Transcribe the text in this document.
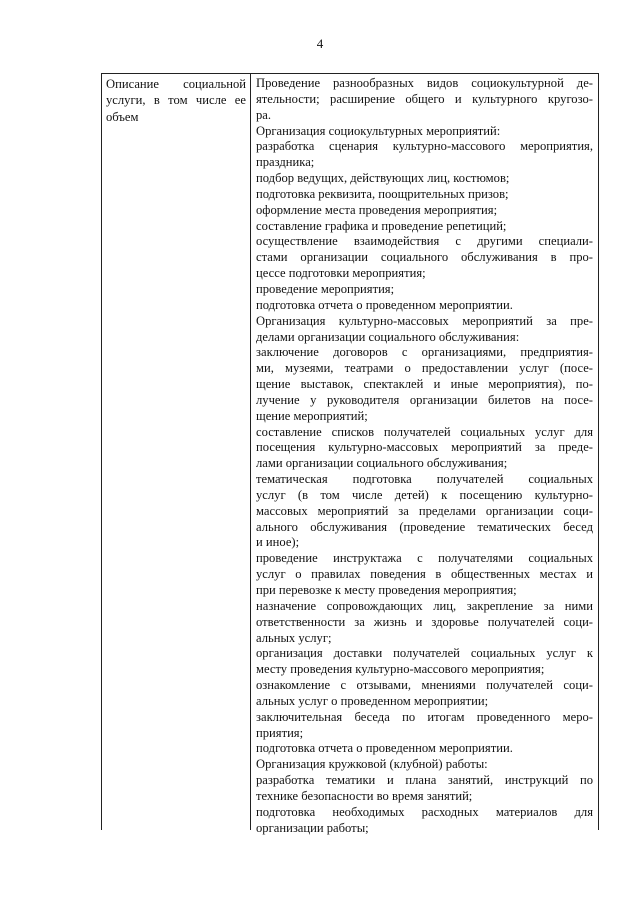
4
Описание социальной
услуги, в том числе ее
объем
Проведение разнообразных видов социокультурной де-
ятельности; расширение общего и культурного кругозо-
ра.
Организация социокультурных мероприятий:
разработка сценария культурно-массового мероприятия,
праздника;
подбор ведущих, действующих лиц, костюмов;
подготовка реквизита, поощрительных призов;
оформление места проведения мероприятия;
составление графика и проведение репетиций;
осуществление взаимодействия с другими специали-
стами организации социального обслуживания в про-
цессе подготовки мероприятия;
проведение мероприятия;
подготовка отчета о проведенном мероприятии.
Организация культурно-массовых мероприятий за пре-
делами организации социального обслуживания:
заключение договоров с организациями, предприятия-
ми, музеями, театрами о предоставлении услуг (посе-
щение выставок, спектаклей и иные мероприятия), по-
лучение у руководителя организации билетов на посе-
щение мероприятий;
составление списков получателей социальных услуг для
посещения культурно-массовых мероприятий за преде-
лами организации социального обслуживания;
тематическая подготовка получателей социальных
услуг (в том числе детей) к посещению культурно-
массовых мероприятий за пределами организации соци-
ального обслуживания (проведение тематических бесед
и иное);
проведение инструктажа с получателями социальных
услуг о правилах поведения в общественных местах и
при перевозке к месту проведения мероприятия;
назначение сопровождающих лиц, закрепление за ними
ответственности за жизнь и здоровье получателей соци-
альных услуг;
организация доставки получателей социальных услуг к
месту проведения культурно-массового мероприятия;
ознакомление с отзывами, мнениями получателей соци-
альных услуг о проведенном мероприятии;
заключительная беседа по итогам проведенного меро-
приятия;
подготовка отчета о проведенном мероприятии.
Организация кружковой (клубной) работы:
разработка тематики и плана занятий, инструкций по
технике безопасности во время занятий;
подготовка необходимых расходных материалов для
организации работы;
